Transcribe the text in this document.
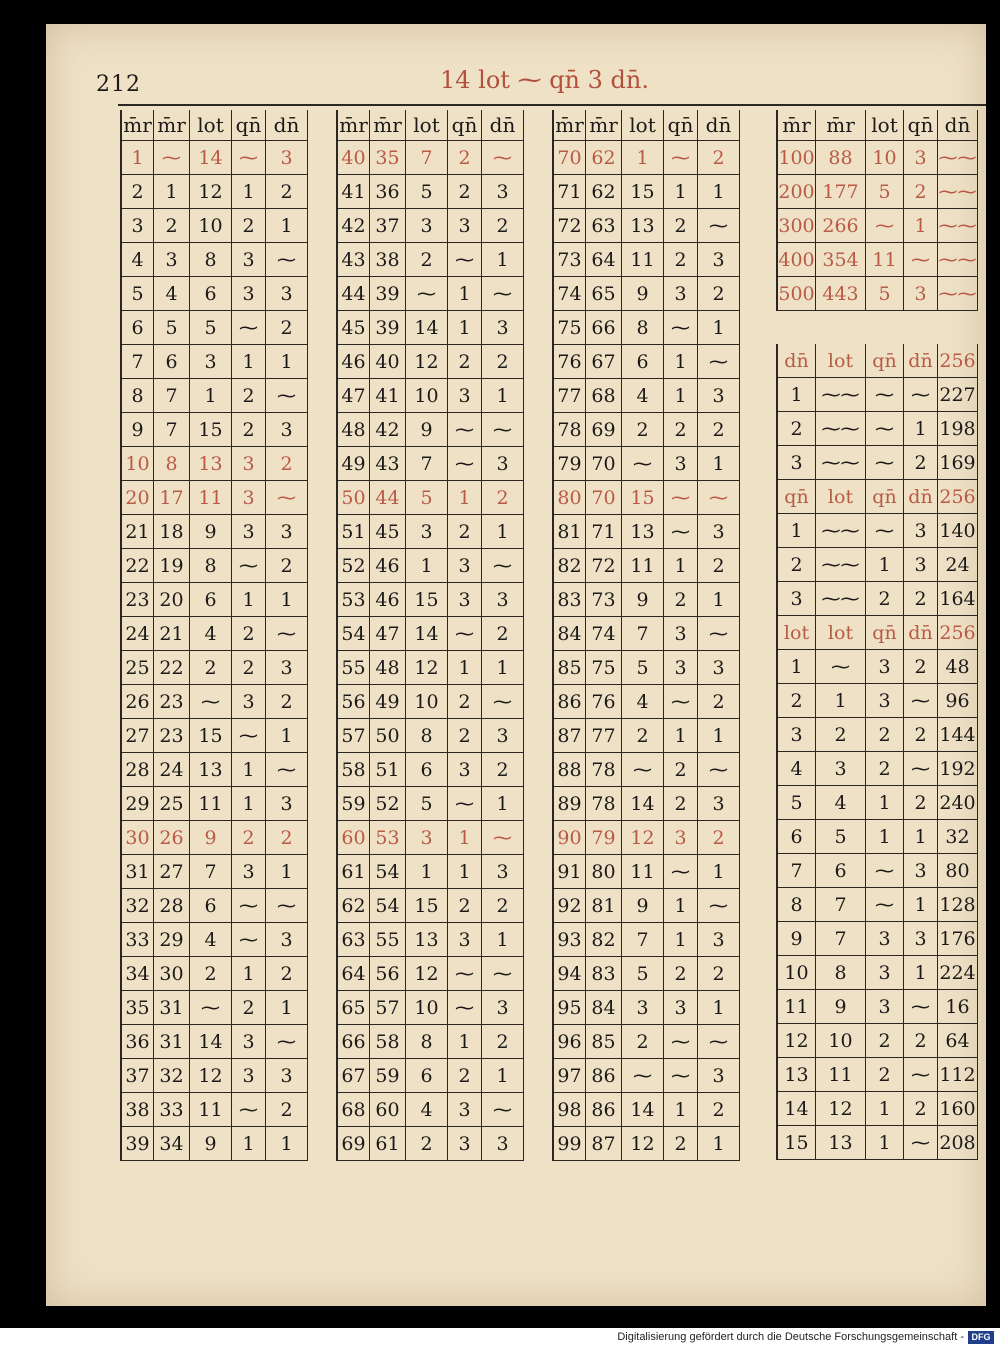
212	14 lot ⁓ qn̄ 3 dn̄.
m̄r m̄r lot qn̄ dn̄
1 ⁓ 14 ⁓	3
2	1	12	1	2
3	2	10	2	1
4	3	8	3	⁓
5	4	6	3	3
6	5	5	⁓	2
7	6	3	1	1
8	7	1	2	⁓
9	7	15	2	3
10 8	13	3	2
20 17 11	3	⁓
21 18	9	3	3
22 19	8	⁓	2
23 20	6	1	1
24 21	4	2	⁓
25 22	2	2	3
26 23 ⁓	3	2
27 23 15 ⁓	1
28 24 13	1	⁓
29 25 11	1	3
30 26	9	2	2
31 27	7	3	1
32 28	6	⁓	⁓
33 29	4	⁓	3
34 30	2	1	2
35 31 ⁓	2	1
36 31 14	3	⁓
37 32 12	3	3
38 33 11 ⁓	2
39 34	9	1	1
m̄r m̄r lot qn̄ dn̄
40 35	7	2	⁓
41 36	5	2	3
42 37	3	3	2
43 38	2	⁓	1
44 39 ⁓	1	⁓
45 39 14	1	3
46 40 12	2	2
47 41 10	3	1
48 42	9	⁓	⁓
49 43	7	⁓	3
50 44	5	1	2
51 45	3	2	1
52 46	1	3	⁓
53 46 15	3	3
54 47 14 ⁓	2
55 48 12	1	1
56 49 10	2	⁓
57 50	8	2	3
58 51	6	3	2
59 52	5	⁓	1
60 53	3	1	⁓
61 54	1	1	3
62 54 15	2	2
63 55 13	3	1
64 56 12 ⁓	⁓
65 57 10 ⁓	3
66 58	8	1	2
67 59	6	2	1
68 60	4	3	⁓
69 61	2	3	3
m̄r m̄r lot qn̄ dn̄
70 62	1	⁓	2
71 62 15	1	1
72 63 13	2	⁓
73 64 11	2	3
74 65	9	3	2
75 66	8	⁓	1
76 67	6	1	⁓
77 68	4	1	3
78 69	2	2	2
79 70 ⁓	3	1
80 70 15 ⁓	⁓
81 71 13 ⁓	3
82 72 11	1	2
83 73	9	2	1
84 74	7	3	⁓
85 75	5	3	3
86 76	4	⁓	2
87 77	2	1	1
88 78 ⁓	2	⁓
89 78 14	2	3
90 79 12	3	2
91 80 11 ⁓	1
92 81	9	1	⁓
93 82	7	1	3
94 83	5	2	2
95 84	3	3	1
96 85	2	⁓	⁓
97 86 ⁓	⁓	3
98 86 14	1	2
99 87 12	2	1
m̄r m̄r lot qn̄ dn̄
100 88	10 3 ⁓⁓
200 177	5	2 ⁓⁓
300 266 ⁓	1 ⁓⁓
400 354 11 ⁓ ⁓⁓
500 443	5	3 ⁓⁓
dn̄	lot	qn̄ dn̄ 256
1 ⁓⁓ ⁓ ⁓ 227
2 ⁓⁓ ⁓	1 198
3 ⁓⁓ ⁓	2 169
qn̄	lot	qn̄ dn̄ 256
1 ⁓⁓ ⁓	3 140
2 ⁓⁓ 1	3 24
3 ⁓⁓ 2	2 164
lot lot	qn̄ dn̄ 256
1	⁓	3	2 48
2	1	3	⁓ 96
3	2	2	2 144
4	3	2	⁓ 192
5	4	1	2 240
6	5	1	1 32
7	6	⁓	3 80
8	7	⁓	1 128
9	7	3	3 176
10	8	3	1 224
11	9	3	⁓ 16
12	10	2	2 64
13	11	2	⁓ 112
14	12	1	2 160
15	13	1	⁓ 208
Digitalisierung gefördert durch die Deutsche Forschungsgemeinschaft - DFG
